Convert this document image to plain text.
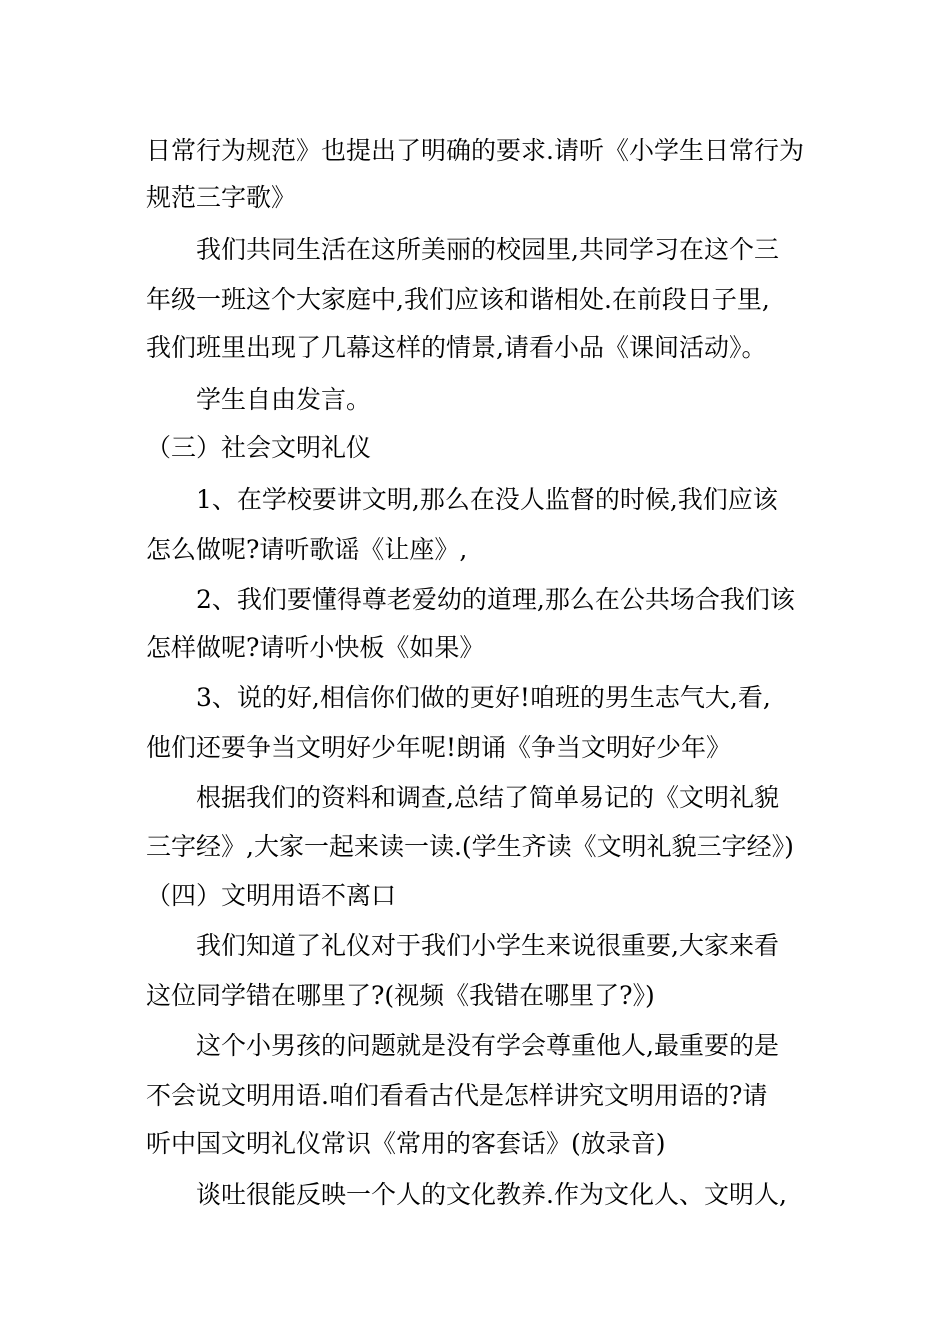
日常行为规范》也提出了明确的要求.请听《小学生日常行为
规范三字歌》
我们共同生活在这所美丽的校园里,共同学习在这个三
年级一班这个大家庭中,我们应该和谐相处.在前段日子里,
我们班里出现了几幕这样的情景,请看小品《课间活动》。
学生自由发言。
（三）社会文明礼仪
1、在学校要讲文明,那么在没人监督的时候,我们应该
怎么做呢?请听歌谣《让座》,
2、我们要懂得尊老爱幼的道理,那么在公共场合我们该
怎样做呢?请听小快板《如果》
3、说的好,相信你们做的更好!咱班的男生志气大,看,
他们还要争当文明好少年呢!朗诵《争当文明好少年》
根据我们的资料和调查,总结了简单易记的《文明礼貌
三字经》,大家一起来读一读.(学生齐读《文明礼貌三字经》)
（四）文明用语不离口
我们知道了礼仪对于我们小学生来说很重要,大家来看
这位同学错在哪里了?(视频《我错在哪里了?》)
这个小男孩的问题就是没有学会尊重他人,最重要的是
不会说文明用语.咱们看看古代是怎样讲究文明用语的?请
听中国文明礼仪常识《常用的客套话》(放录音)
谈吐很能反映一个人的文化教养.作为文化人、文明人,
